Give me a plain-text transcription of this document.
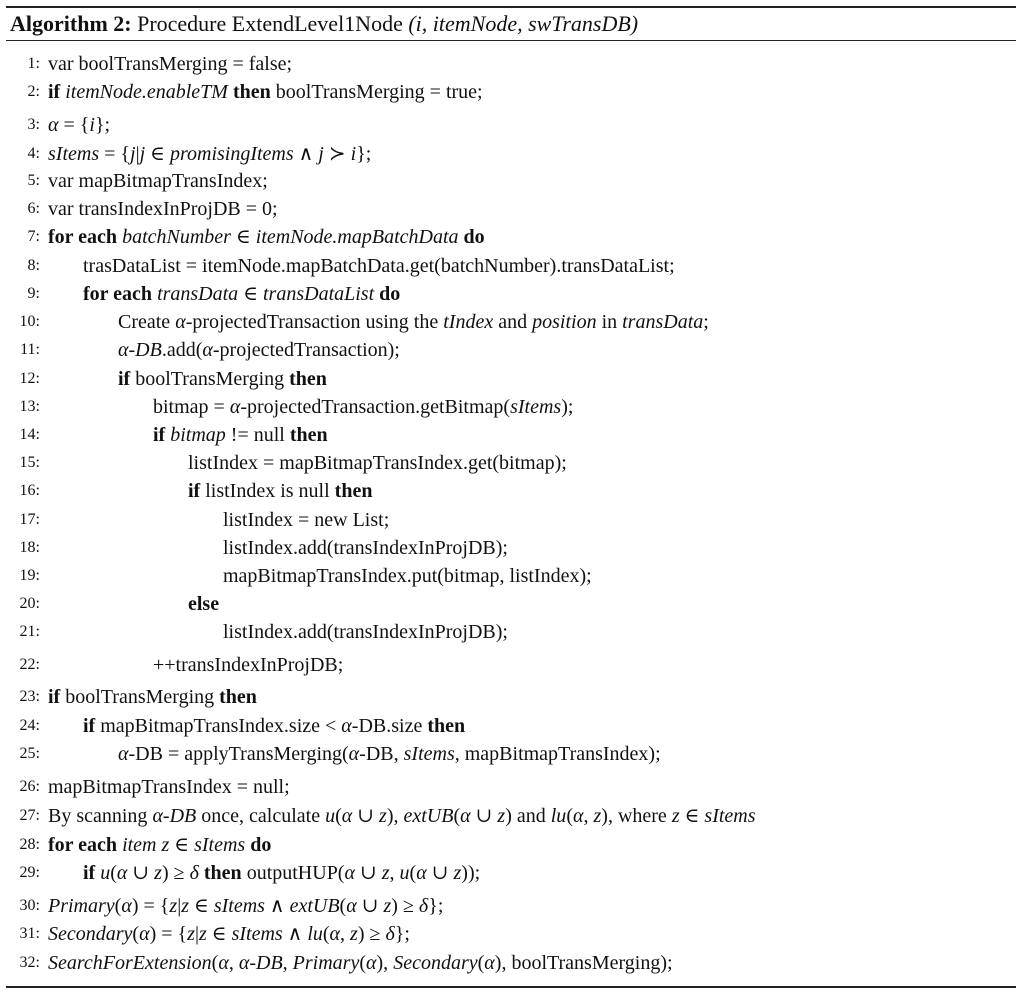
Algorithm 2: Procedure ExtendLevel1Node (i, itemNode, swTransDB)
1: var boolTransMerging = false;
2: if itemNode.enableTM then boolTransMerging = true;
3: α = {i};
4: sItems = {j|j ∈ promisingItems ∧ j ≻ i};
5: var mapBitmapTransIndex;
6: var transIndexInProjDB = 0;
7: for each batchNumber ∈ itemNode.mapBatchData do
8: trasDataList = itemNode.mapBatchData.get(batchNumber).transDataList;
9: for each transData ∈ transDataList do
10:	Create α-projectedTransaction using the tIndex and position in transData;
11:	α-DB.add(α-projectedTransaction);
12:	if boolTransMerging then
13:	bitmap = α-projectedTransaction.getBitmap(sItems);
14:	if bitmap != null then
15:	listIndex = mapBitmapTransIndex.get(bitmap);
16:	if listIndex is null then
17:	listIndex = new List;
18:	listIndex.add(transIndexInProjDB);
19:	mapBitmapTransIndex.put(bitmap, listIndex);
20:	else
21:	listIndex.add(transIndexInProjDB);
22:	++transIndexInProjDB;
23: if boolTransMerging then
24: if mapBitmapTransIndex.size < α-DB.size then
25:	α-DB = applyTransMerging(α-DB, sItems, mapBitmapTransIndex);
26: mapBitmapTransIndex = null;
27: By scanning α-DB once, calculate u(α ∪ z), extUB(α ∪ z) and lu(α, z), where z ∈ sItems
28: for each item z ∈ sItems do
29: if u(α ∪ z) ≥ δ then outputHUP(α ∪ z, u(α ∪ z));
30: Primary(α) = {z|z ∈ sItems ∧ extUB(α ∪ z) ≥ δ};
31: Secondary(α) = {z|z ∈ sItems ∧ lu(α, z) ≥ δ};
32: SearchForExtension(α, α-DB, Primary(α), Secondary(α), boolTransMerging);
